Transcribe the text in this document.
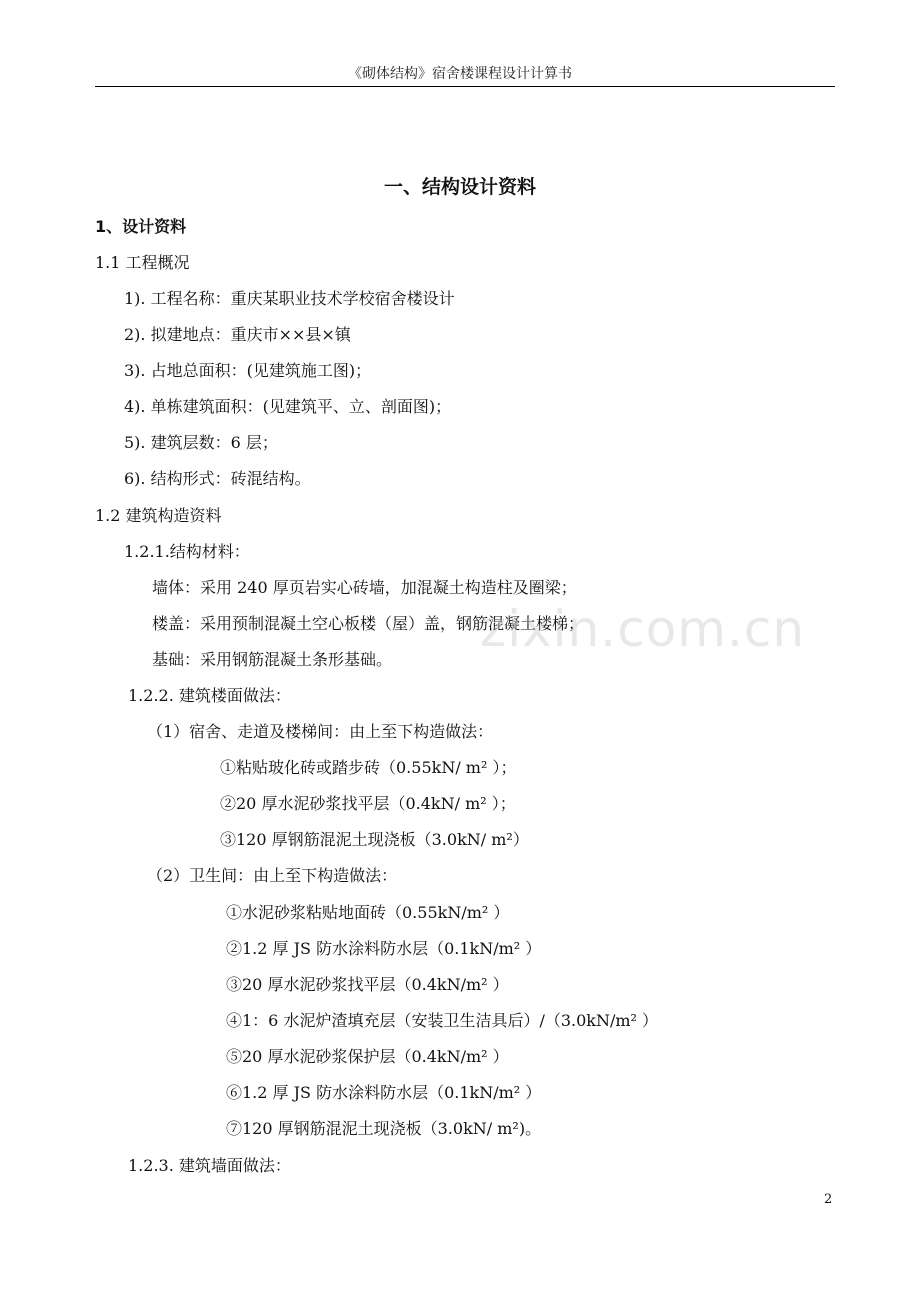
《砌体结构》宿舍楼课程设计计算书
一、结构设计资料
1、设计资料
1.1 工程概况
1). 工程名称：重庆某职业技术学校宿舍楼设计
2). 拟建地点：重庆市××县×镇
3). 占地总面积：(见建筑施工图)；
4). 单栋建筑面积：(见建筑平、立、剖面图)；
5). 建筑层数：6 层；
6). 结构形式：砖混结构。
1.2 建筑构造资料
1.2.1.结构材料：
墙体：采用 240 厚页岩实心砖墙，加混凝土构造柱及圈梁；
楼盖：采用预制混凝土空心板楼（屋）盖，钢筋混凝土楼梯；
基础：采用钢筋混凝土条形基础。
1.2.2. 建筑楼面做法：
（1）宿舍、走道及楼梯间：由上至下构造做法：
①粘贴玻化砖或踏步砖（0.55kN/ m² ）；
②20 厚水泥砂浆找平层（0.4kN/ m² ）；
③120 厚钢筋混泥土现浇板（3.0kN/ m²）
（2）卫生间：由上至下构造做法：
①水泥砂浆粘贴地面砖（0.55kN/m² ）
②1.2 厚 JS 防水涂料防水层（0.1kN/m² ）
③20 厚水泥砂浆找平层（0.4kN/m² ）
④1：6 水泥炉渣填充层（安装卫生洁具后）/（3.0kN/m² ）
⑤20 厚水泥砂浆保护层（0.4kN/m² ）
⑥1.2 厚 JS 防水涂料防水层（0.1kN/m² ）
⑦120 厚钢筋混泥土现浇板（3.0kN/ m²)。
1.2.3. 建筑墙面做法：
zixin.com.cn
2
